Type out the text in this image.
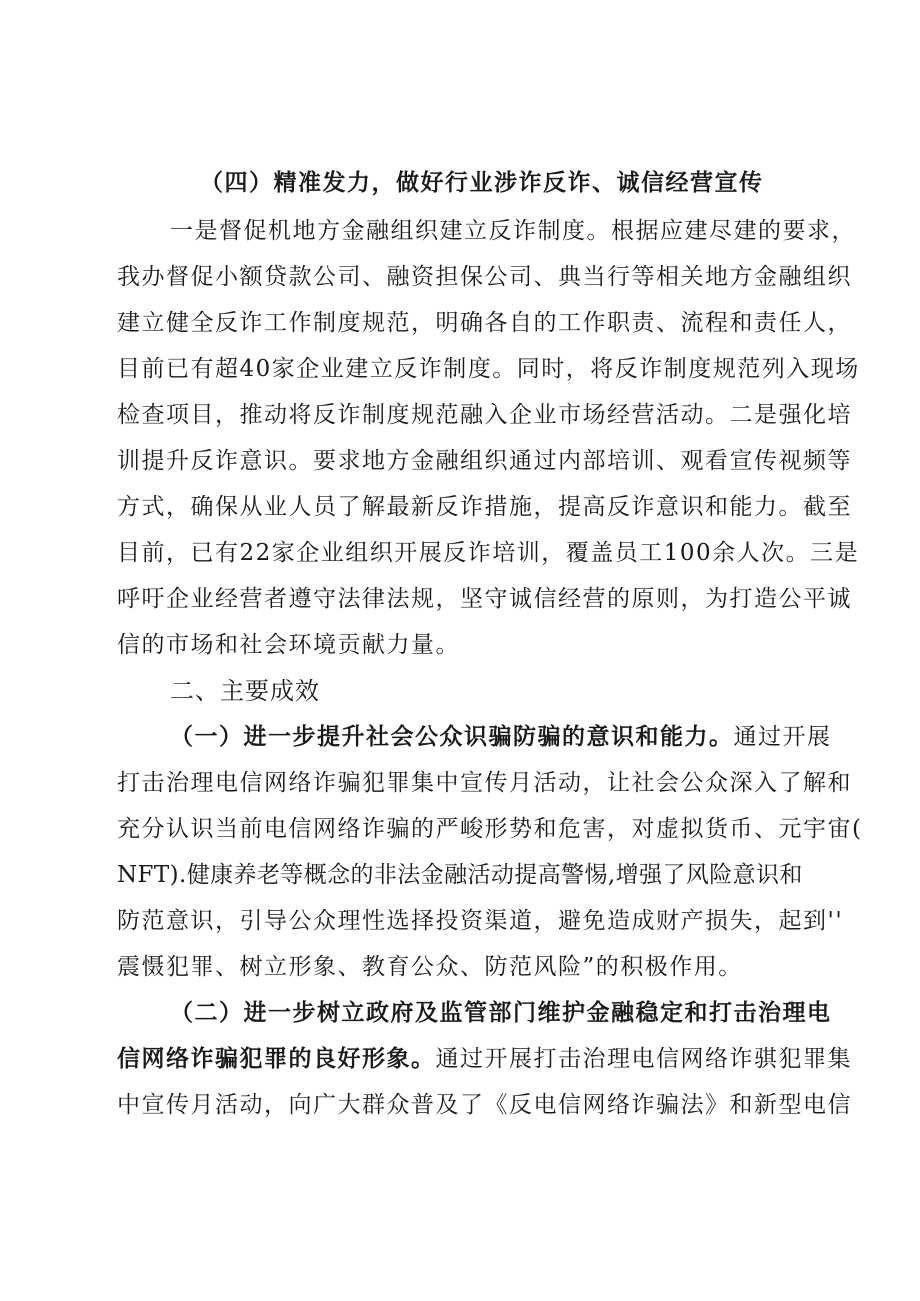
（四）精准发力，做好行业涉诈反诈、诚信经营宣传
一是督促机地方金融组织建立反诈制度。根据应建尽建的要求，
我办督促小额贷款公司、融资担保公司、典当行等相关地方金融组织
建立健全反诈工作制度规范，明确各自的工作职责、流程和责任人，
目前已有超40家企业建立反诈制度。同时，将反诈制度规范列入现场
检查项目，推动将反诈制度规范融入企业市场经营活动。二是强化培
训提升反诈意识。要求地方金融组织通过内部培训、观看宣传视频等
方式，确保从业人员了解最新反诈措施，提高反诈意识和能力。截至
目前，已有22家企业组织开展反诈培训，覆盖员工100余人次。三是
呼吁企业经营者遵守法律法规，坚守诚信经营的原则，为打造公平诚
信的市场和社会环境贡献力量。
二、主要成效
（一）进一步提升社会公众识骗防骗的意识和能力。通过开展
打击治理电信网络诈骗犯罪集中宣传月活动，让社会公众深入了解和
充分认识当前电信网络诈骗的严峻形势和危害，对虚拟货币、元宇宙(
NFT).健康养老等概念的非法金融活动提高警惕,增强了风险意识和
防范意识，引导公众理性选择投资渠道，避免造成财产损失，起到''
震慑犯罪、树立形象、教育公众、防范风险”的积极作用。
（二）进一步树立政府及监管部门维护金融稳定和打击治理电
信网络诈骗犯罪的良好形象。通过开展打击治理电信网络诈骐犯罪集
中宣传月活动，向广大群众普及了《反电信网络诈骗法》和新型电信
